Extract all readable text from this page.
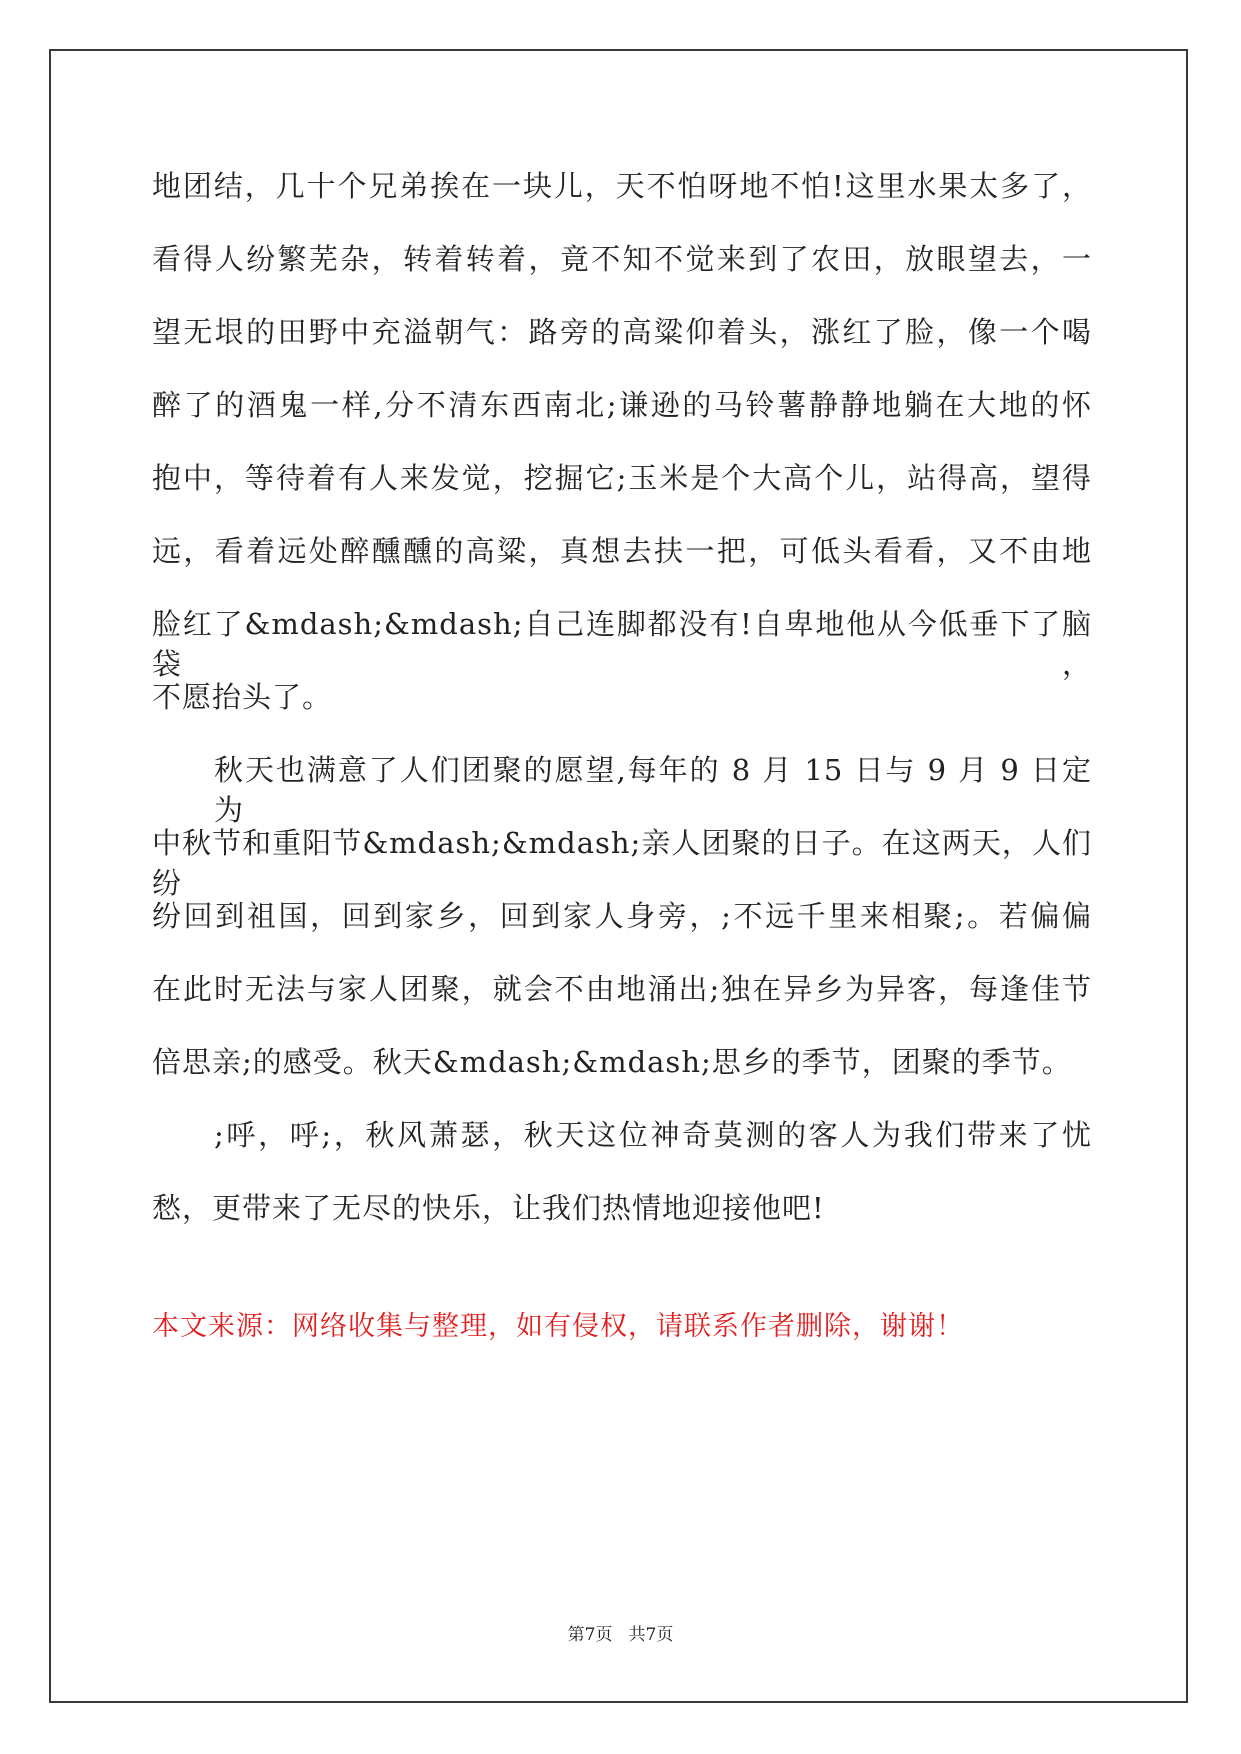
地团结，几十个兄弟挨在一块儿，天不怕呀地不怕!这里水果太多了，
看得人纷繁芜杂，转着转着，竟不知不觉来到了农田，放眼望去，一
望无垠的田野中充溢朝气：路旁的高粱仰着头，涨红了脸，像一个喝
醉了的酒鬼一样,分不清东西南北;谦逊的马铃薯静静地躺在大地的怀
抱中，等待着有人来发觉，挖掘它;玉米是个大高个儿，站得高，望得
远，看着远处醉醺醺的高粱，真想去扶一把，可低头看看，又不由地
脸红了&mdash;&mdash;自己连脚都没有!自卑地他从今低垂下了脑袋，
不愿抬头了。
秋天也满意了人们团聚的愿望,每年的 8 月 15 日与 9 月 9 日定为
中秋节和重阳节&mdash;&mdash;亲人团聚的日子。在这两天，人们纷
纷回到祖国，回到家乡，回到家人身旁，;不远千里来相聚;。若偏偏
在此时无法与家人团聚，就会不由地涌出;独在异乡为异客，每逢佳节
倍思亲;的感受。秋天&mdash;&mdash;思乡的季节，团聚的季节。
;呼，呼;，秋风萧瑟，秋天这位神奇莫测的客人为我们带来了忧
愁，更带来了无尽的快乐，让我们热情地迎接他吧!
本文来源：网络收集与整理，如有侵权，请联系作者删除，谢谢！
第7页 共7页
